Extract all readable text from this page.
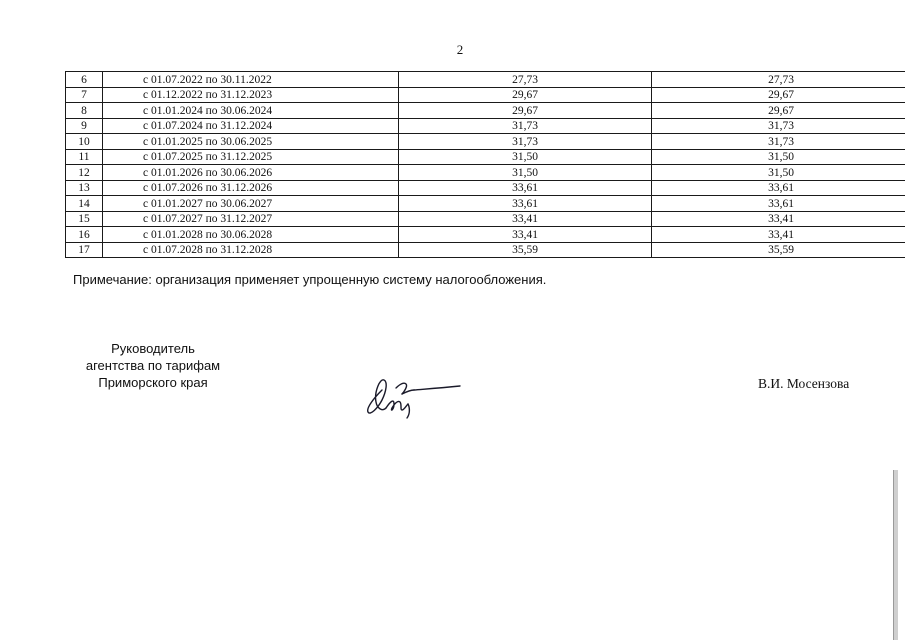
2
6	с 01.07.2022 по 30.11.2022	27,73	27,73
7	с 01.12.2022 по 31.12.2023	29,67	29,67
8	с 01.01.2024 по 30.06.2024	29,67	29,67
9	с 01.07.2024 по 31.12.2024	31,73	31,73
10	с 01.01.2025 по 30.06.2025	31,73	31,73
11	с 01.07.2025 по 31.12.2025	31,50	31,50
12	с 01.01.2026 по 30.06.2026	31,50	31,50
13	с 01.07.2026 по 31.12.2026	33,61	33,61
14	с 01.01.2027 по 30.06.2027	33,61	33,61
15	с 01.07.2027 по 31.12.2027	33,41	33,41
16	с 01.01.2028 по 30.06.2028	33,41	33,41
17	с 01.07.2028 по 31.12.2028	35,59	35,59
Примечание: организация применяет упрощенную систему налогообложения.
Руководитель
агентства по тарифам
Приморского края	В.И. Мосензова
